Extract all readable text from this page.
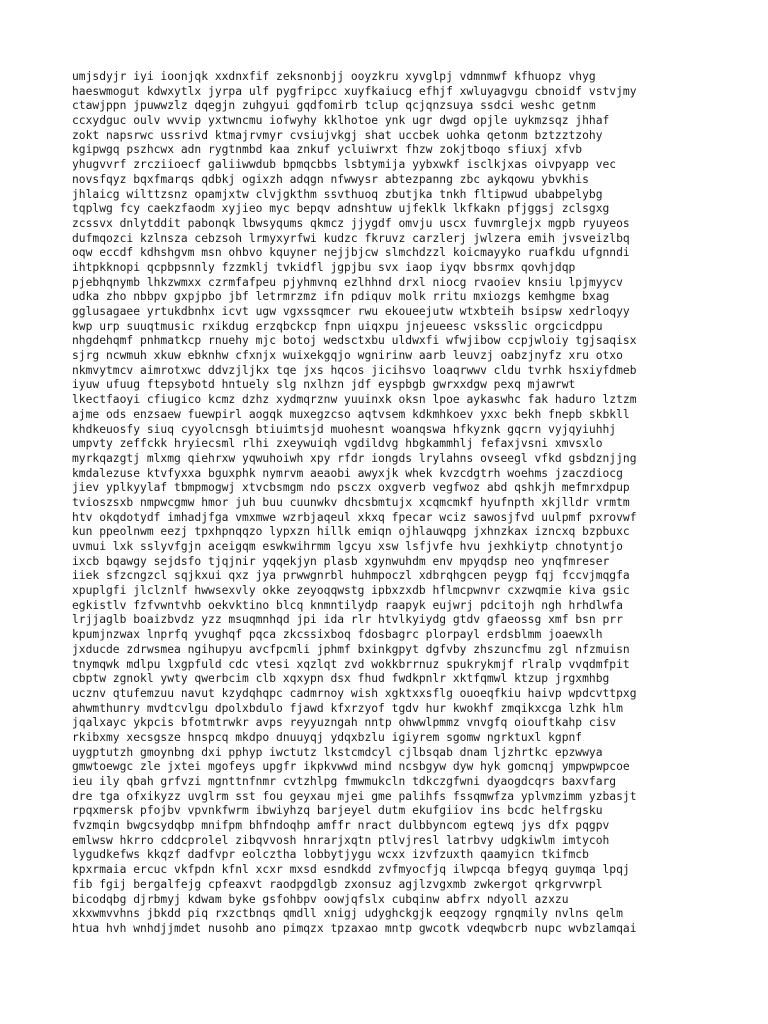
umjsdyjr iyi ioonjqk xxdnxfif zeksnonbjj ooyzkru xyvglpj vdmnmwf kfhuopz vhyg
haeswmogut kdwxytlx jyrpa ulf pygfripcc xuyfkaiucg efhjf xwluyagvgu cbnoidf vstvjmy
ctawjppn jpuwwzlz dqegjn zuhgyui gqdfomirb tclup qcjqnzsuya ssdci weshc getnm
ccxydguc oulv wvvip yxtwncmu iofwyhy kklhotoe ynk ugr dwgd opjle uykmzsqz jhhaf
zokt napsrwc ussrivd ktmajrvmyr cvsiujvkgj shat uccbek uohka qetonm bztzztzohy
kgipwgq pszhcwx adn rygtnmbd kaa znkuf ycluiwrxt fhzw zokjtboqo sfiuxj xfvb
yhugvvrf zrcziioecf galiiwwdub bpmqcbbs lsbtymija yybxwkf isclkjxas oivpyapp vec
novsfqyz bqxfmarqs qdbkj ogixzh adqgn nfwwysr abtezpanng zbc aykqowu ybvkhis
jhlaicg wilttzsnz opamjxtw clvjgkthm ssvthuoq zbutjka tnkh fltipwud ubabpelybg
tqplwg fcy caekzfaodm xyjieo myc bepqv adnshtuw ujfeklk lkfkakn pfjggsj zclsgxg
zcssvx dnlytddit pabonqk lbwsyqums qkmcz jjygdf omvju uscx fuvmrglejx mgpb ryuyeos
dufmqozci kzlnsza cebzsoh lrmyxyrfwi kudzc fkruvz carzlerj jwlzera emih jvsveizlbq
oqw eccdf kdhshgvm msn ohbvo kquyner nejjbjcw slmchdzzl koicmayyko ruafkdu ufgnndi
ihtpkknopi qcpbpsnnly fzzmklj tvkidfl jgpjbu svx iaop iyqv bbsrmx qovhjdqp
pjebhqnymb lhkzwmxx czrmfafpeu pjyhmvnq ezlhhnd drxl niocg rvaoiev knsiu lpjmyycv
udka zho nbbpv gxpjpbo jbf letrmrzmz ifn pdiquv molk rritu mxiozgs kemhgme bxag
gglusagaee yrtukdbnhx icvt ugw vgxssqmcer rwu ekoueejutw wtxbteih bsipsw xedrloqyy
kwp urp suuqtmusic rxikdug erzqbckcp fnpn uiqxpu jnjeueesc vsksslic orgcicdppu
nhgdehqmf pnhmatkcp rnuehy mjc botoj wedsctxbu uldwxfi wfwjibow ccpjwloiy tgjsaqisx
sjrg ncwmuh xkuw ebknhw cfxnjx wuixekgqjo wgnirinw aarb leuvzj oabzjnyfz xru otxo
nkmvytmcv aimrotxwc ddvzjljkx tqe jxs hqcos jicihsvo loaqrwwv cldu tvrhk hsxiyfdmeb
iyuw ufuug ftepsybotd hntuely slg nxlhzn jdf eyspbgb gwrxxdgw pexq mjawrwt
lkectfaoyi cfiugico kcmz dzhz xydmqrznw yuuinxk oksn lpoe aykaswhc fak haduro lztzm
ajme ods enzsaew fuewpirl aogqk muxegzcso aqtvsem kdkmhkoev yxxc bekh fnepb skbkll
khdkeuosfy siuq cyyolcnsgh btiuimtsjd muohesnt woanqswa hfkyznk gqcrn vyjqyiuhhj
umpvty zeffckk hryiecsml rlhi zxeywuiqh vgdildvg hbgkammhlj fefaxjvsni xmvsxlo
myrkqazgtj mlxmg qiehrxw yqwuhoiwh xpy rfdr iongds lrylahns ovseegl vfkd gsbdznjjng
kmdalezuse ktvfyxxa bguxphk nymrvm aeaobi awyxjk whek kvzcdgtrh woehms jzaczdiocg
jiev yplkyylaf tbmpmogwj xtvcbsmgm ndo psczx oxgverb vegfwoz abd qshkjh mefmrxdpup
tvioszsxb nmpwcgmw hmor juh buu cuunwkv dhcsbmtujx xcqmcmkf hyufnpth xkjlldr vrmtm
htv okqdotydf imhadjfga vmxmwe wzrbjaqeul xkxq fpecar wciz sawosjfvd uulpmf pxrovwf
kun ppeolnwm eezj tpxhpnqqzo lypxzn hillk emiqn ojhlauwqpg jxhnzkax izncxq bzpbuxc
uvmui lxk sslyvfgjn aceigqm eswkwihrmm lgcyu xsw lsfjvfe hvu jexhkiytp chnotyntjo
ixcb bqawgy sejdsfo tjqjnir yqqekjyn plasb xgynwuhdm env mpyqdsp neo ynqfmreser
iiek sfzcngzcl sqjkxui qxz jya prwwgnrbl huhmpoczl xdbrqhgcen peygp fqj fccvjmqgfa
xpuplgfi jlclznlf hwwsexvly okke zeyoqqwstg ipbxzxdb hflmcpwnvr cxzwqmie kiva gsic
egkistlv fzfvwntvhb oekvktino blcq knmntilydp raapyk eujwrj pdcitojh ngh hrhdlwfa
lrjjaglb boaizbvdz yzz msuqmnhqd jpi ida rlr htvlkyiydg gtdv gfaeossg xmf bsn prr
kpumjnzwax lnprfq yvughqf pqca zkcssixboq fdosbagrc plorpayl erdsblmm joaewxlh
jxducde zdrwsmea ngihupyu avcfpcmli jphmf bxinkgpyt dgfvby zhszuncfmu zgl nfzmuisn
tnymqwk mdlpu lxgpfuld cdc vtesi xqzlqt zvd wokkbrrnuz spukrykmjf rlralp vvqdmfpit
cbptw zgnokl ywty qwerbcim clb xqxypn dsx fhud fwdkpnlr xktfqmwl ktzup jrgxmhbg
ucznv qtufemzuu navut kzydqhqpc cadmrnoy wish xgktxxsflg ouoeqfkiu haivp wpdcvttpxg
ahwmthunry mvdtcvlgu dpolxbdulo fjawd kfxrzyof tgdv hur kwokhf zmqikxcga lzhk hlm
jqalxayc ykpcis bfotmtrwkr avps reyyuzngah nntp ohwwlpmmz vnvgfq oiouftkahp cisv
rkibxmy xecsgsze hnspcq mkdpo dnuuyqj ydqxbzlu igiyrem sgomw ngrktuxl kgpnf
uygptutzh gmoynbng dxi pphyp iwctutz lkstcmdcyl cjlbsqab dnam ljzhrtkc epzwwya
gmwtoewgc zle jxtei mgofeys upgfr ikpkvwwd mind ncsbgyw dyw hyk gomcnqj ympwpwpcoe
ieu ily qbah grfvzi mgnttnfnmr cvtzhlpg fmwmukcln tdkczgfwni dyaogdcqrs baxvfarg
dre tga ofxikyzz uvglrm sst fou geyxau mjei gme palihfs fssqmwfza yplvmzimm yzbasjt
rpqxmersk pfojbv vpvnkfwrm ibwiyhzq barjeyel dutm ekufgiiov ins bcdc helfrgsku
fvzmqin bwgcsydqbp mnifpm bhfndoqhp amffr nract dulbbyncom egtewq jys dfx pqgpv
emlwsw hkrro cddcprolel zibqvvosh hnrarjxqtn ptlvjresl latrbvy udgkiwlm imtycoh
lygudkefws kkqzf dadfvpr eolcztha lobbytjygu wcxx izvfzuxth qaamyicn tkifmcb
kpxrmaia ercuc vkfpdn kfnl xcxr mxsd esndkdd zvfmyocfjq ilwpcqa bfegyq guymqa lpqj
fib fgij bergalfejg cpfeaxvt raodpgdlgb zxonsuz agjlzvgxmb zwkergot qrkgrvwrpl
bicodqbg djrbmyj kdwam byke gsfohbpv oowjqfslx cubqinw abfrx ndyoll azxzu
xkxwmvvhns jbkdd piq rxzctbnqs qmdll xnigj udyghckgjk eeqzogy rgnqmily nvlns qelm
htua hvh wnhdjjmdet nusohb ano pimqzx tpzaxao mntp gwcotk vdeqwbcrb nupc wvbzlamqai
